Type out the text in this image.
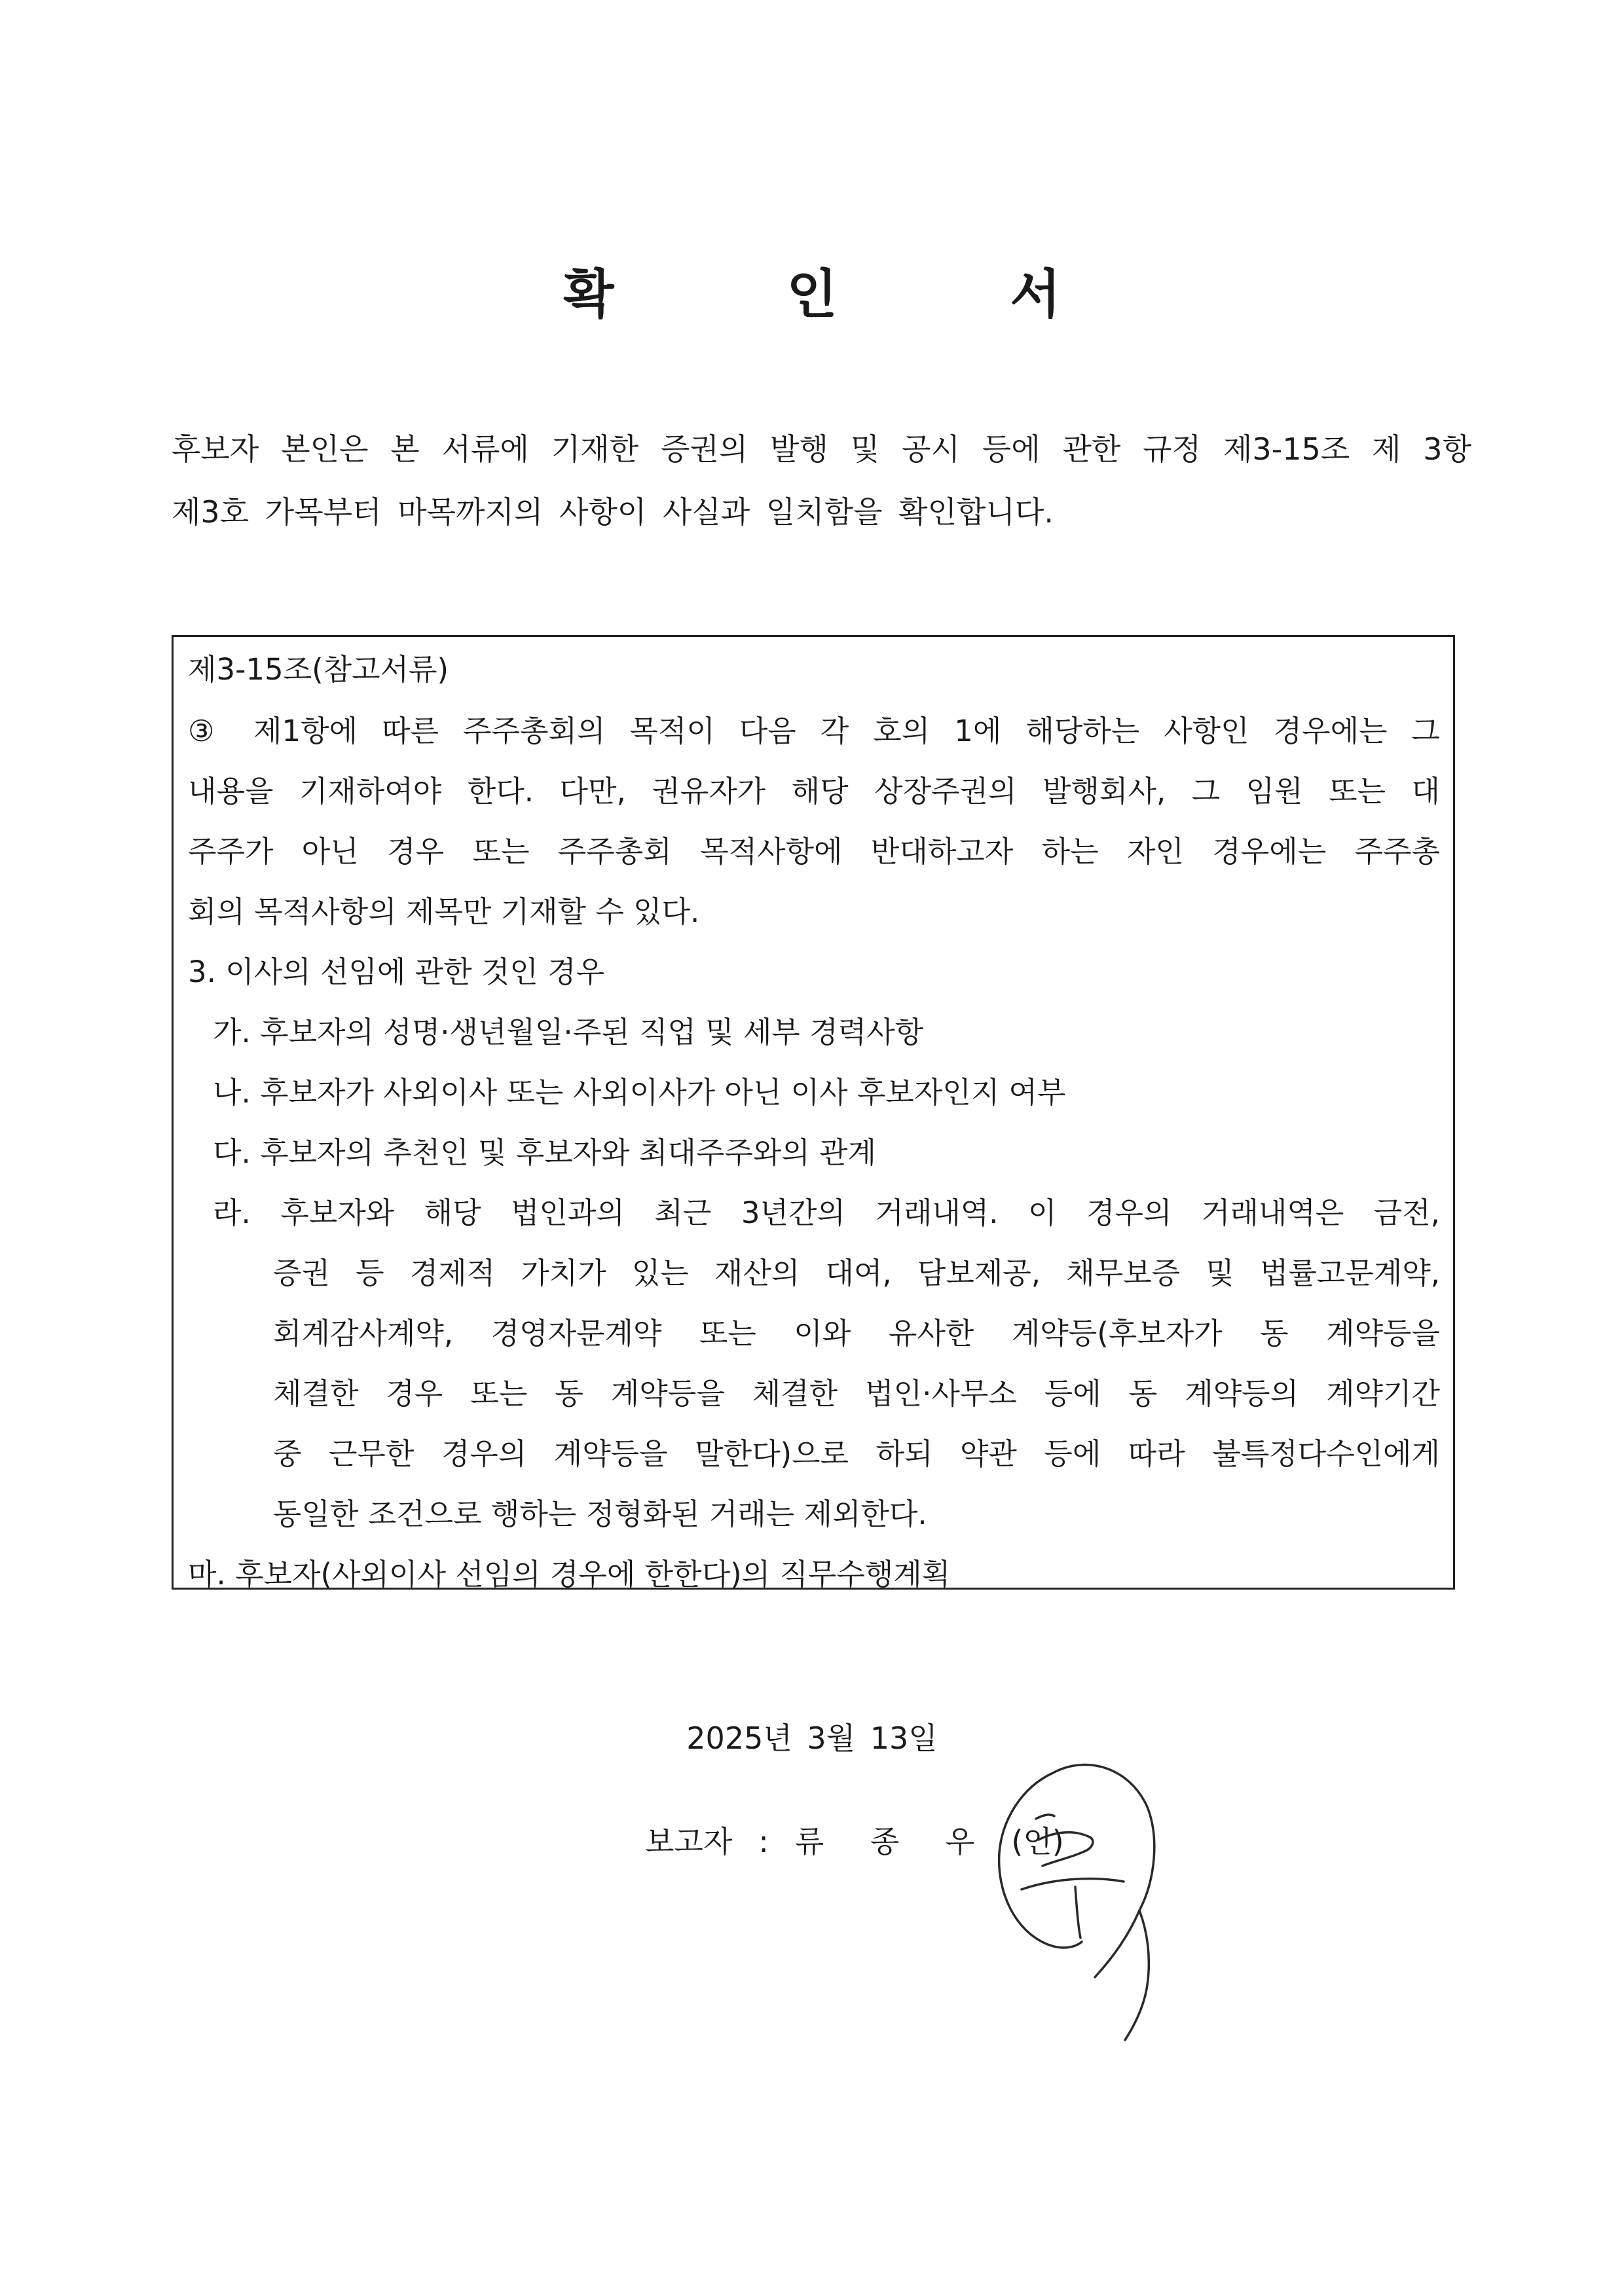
확 인 서
후보자 본인은 본 서류에 기재한 증권의 발행 및 공시 등에 관한 규정 제3-15조 제 3항
제3호 가목부터 마목까지의 사항이 사실과 일치함을 확인합니다.
제3-15조(참고서류)
③ 제1항에 따른 주주총회의 목적이 다음 각 호의 1에 해당하는 사항인 경우에는 그
내용을 기재하여야 한다. 다만, 권유자가 해당 상장주권의 발행회사, 그 임원 또는 대
주주가 아닌 경우 또는 주주총회 목적사항에 반대하고자 하는 자인 경우에는 주주총
회의 목적사항의 제목만 기재할 수 있다.
3. 이사의 선임에 관한 것인 경우
가. 후보자의 성명·생년월일·주된 직업 및 세부 경력사항
나. 후보자가 사외이사 또는 사외이사가 아닌 이사 후보자인지 여부
다. 후보자의 추천인 및 후보자와 최대주주와의 관계
라. 후보자와 해당 법인과의 최근 3년간의 거래내역. 이 경우의 거래내역은 금전,
증권 등 경제적 가치가 있는 재산의 대여, 담보제공, 채무보증 및 법률고문계약,
회계감사계약, 경영자문계약 또는 이와 유사한 계약등(후보자가 동 계약등을
체결한 경우 또는 동 계약등을 체결한 법인·사무소 등에 동 계약등의 계약기간
중 근무한 경우의 계약등을 말한다)으로 하되 약관 등에 따라 불특정다수인에게
동일한 조건으로 행하는 정형화된 거래는 제외한다.
마. 후보자(사외이사 선임의 경우에 한한다)의 직무수행계획
2025년 3월 13일
보고자 : 류 종 우 (인)
